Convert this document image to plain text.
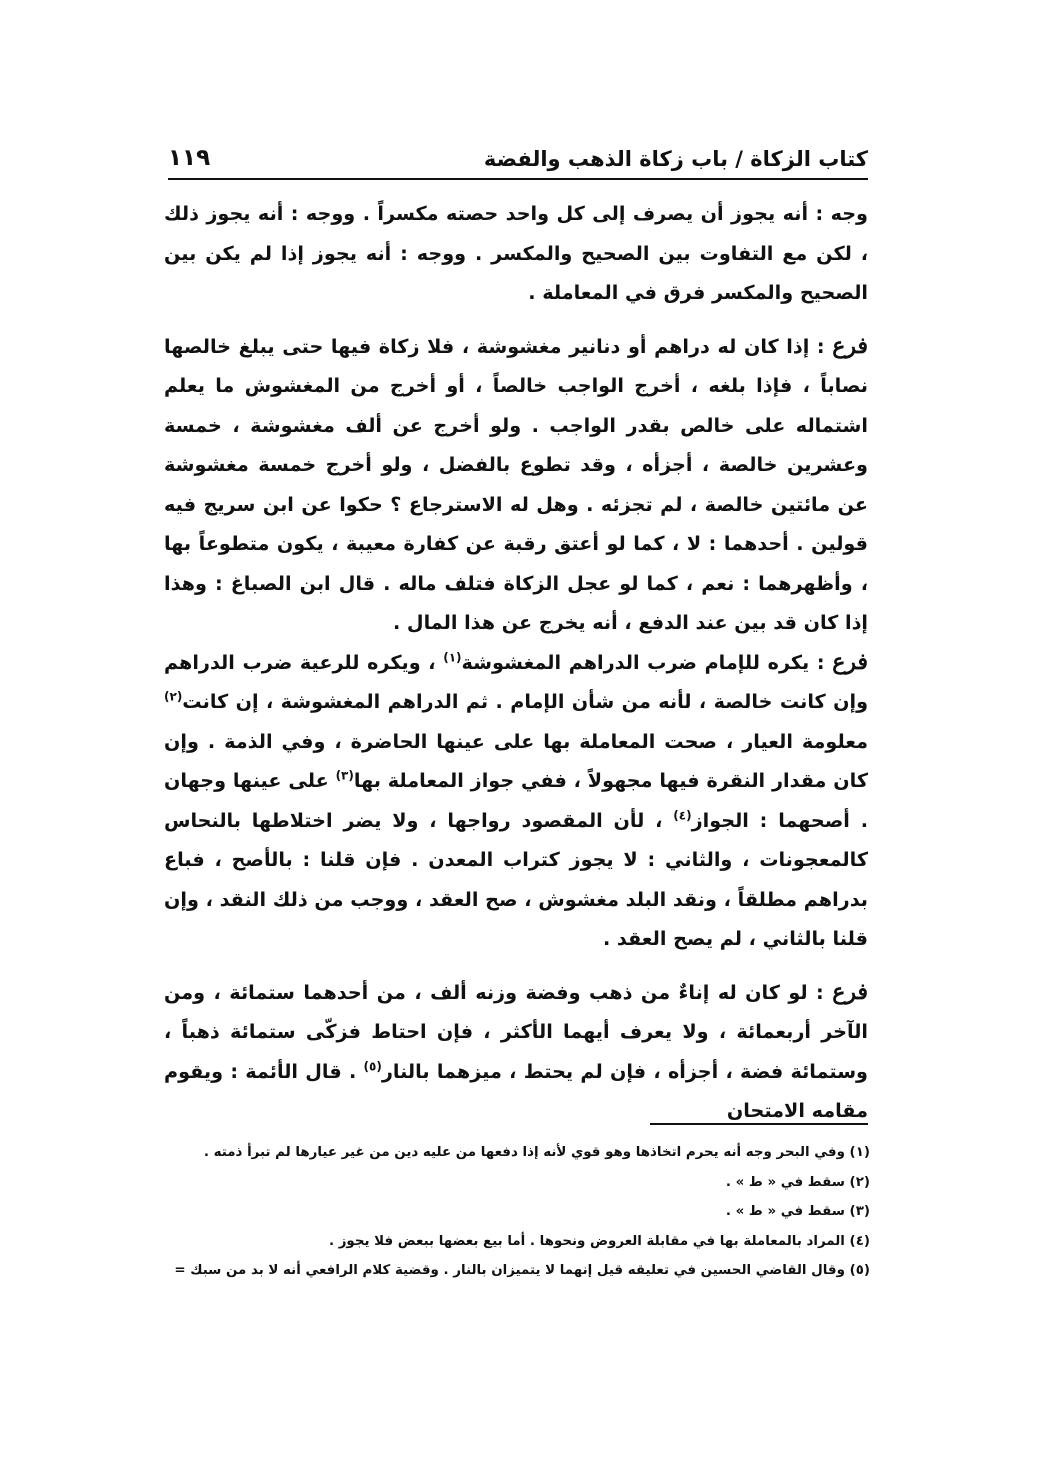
كتاب الزكاة / باب زكاة الذهب والفضة
١١٩

وجه : أنه يجوز أن يصرف إلى كل واحد حصته مكسراً . ووجه : أنه يجوز ذلك ، لكن مع التفاوت بين الصحيح والمكسر . ووجه : أنه يجوز إذا لم يكن بين الصحيح والمكسر فرق في المعاملة .

فرع : إذا كان له دراهم أو دنانير مغشوشة ، فلا زكاة فيها حتى يبلغ خالصها نصاباً ، فإذا بلغه ، أخرج الواجب خالصاً ، أو أخرج من المغشوش ما يعلم اشتماله على خالص بقدر الواجب . ولو أخرج عن ألف مغشوشة ، خمسة وعشرين خالصة ، أجزأه ، وقد تطوع بالفضل ، ولو أخرج خمسة مغشوشة عن مائتين خالصة ، لم تجزئه . وهل له الاسترجاع ؟ حكوا عن ابن سريج فيه قولين . أحدهما : لا ، كما لو أعتق رقبة عن كفارة معيبة ، يكون متطوعاً بها ، وأظهرهما : نعم ، كما لو عجل الزكاة فتلف ماله . قال ابن الصباغ : وهذا إذا كان قد بين عند الدفع ، أنه يخرج عن هذا المال .

فرع : يكره للإمام ضرب الدراهم المغشوشة$^{(١)}$ ، ويكره للرعية ضرب الدراهم وإن كانت خالصة ، لأنه من شأن الإمام . ثم الدراهم المغشوشة ، إن كانت$^{(٢)}$ معلومة العيار ، صحت المعاملة بها على عينها الحاضرة ، وفي الذمة . وإن كان مقدار النقرة فيها مجهولاً ، ففي جواز المعاملة بها$^{(٣)}$ على عينها وجهان . أصحهما : الجواز$^{(٤)}$ ، لأن المقصود رواجها ، ولا يضر اختلاطها بالنحاس كالمعجونات ، والثاني : لا يجوز كتراب المعدن . فإن قلنا : بالأصح ، فباع بدراهم مطلقاً ، ونقد البلد مغشوش ، صح العقد ، ووجب من ذلك النقد ، وإن قلنا بالثاني ، لم يصح العقد .

فرع : لو كان له إناءٌ من ذهب وفضة وزنه ألف ، من أحدهما ستمائة ، ومن الآخر أربعمائة ، ولا يعرف أيهما الأكثر ، فإن احتاط فزكّى ستمائة ذهباً ، وستمائة فضة ، أجزأه ، فإن لم يحتط ، ميزهما بالنار$^{(٥)}$ . قال الأئمة : ويقوم مقامه الامتحان

(١) وفي البحر وجه أنه يحرم اتخاذها وهو قوي لأنه إذا دفعها من عليه دين من غير عيارها لم تبرأ ذمته .
(٢) سقط في « ط » .
(٣) سقط في « ط » .
(٤) المراد بالمعاملة بها في مقابلة العروض ونحوها . أما بيع بعضها ببعض فلا يجوز .
(٥) وقال القاضي الحسين في تعليقه قيل إنهما لا يتميزان بالنار . وقضية كلام الرافعي أنه لا بد من سبك =
